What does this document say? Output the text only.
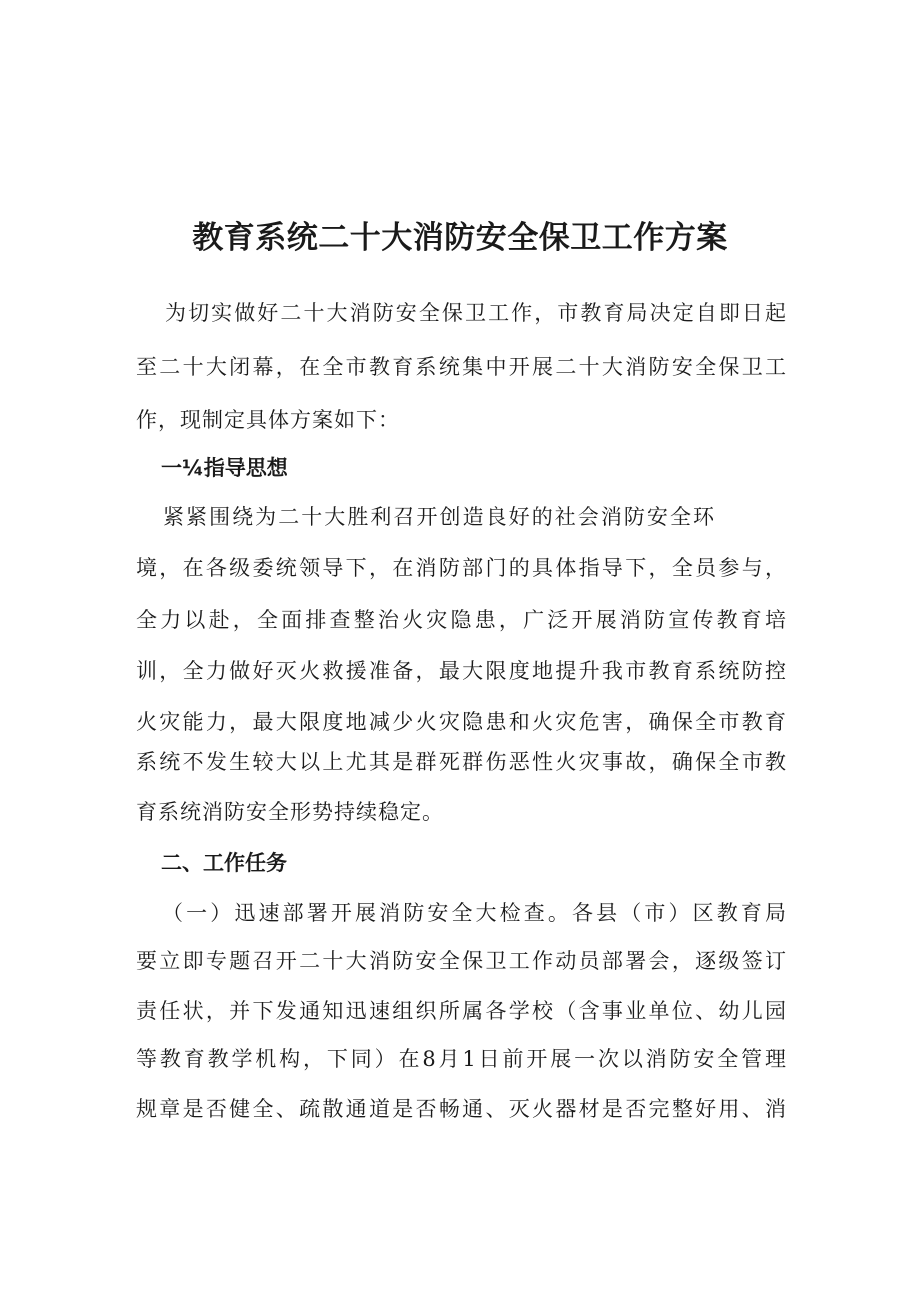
教育系统二十大消防安全保卫工作方案
为切实做好二十大消防安全保卫工作，市教育局决定自即日起
至二十大闭幕，在全市教育系统集中开展二十大消防安全保卫工
作，现制定具体方案如下：
一¼指导思想
紧紧围绕为二十大胜利召开创造良好的社会消防安全环
境，在各级委统领导下，在消防部门的具体指导下，全员参与，
全力以赴，全面排查整治火灾隐患，广泛开展消防宣传教育培
训，全力做好灭火救援准备，最大限度地提升我市教育系统防控
火灾能力，最大限度地减少火灾隐患和火灾危害，确保全市教育
系统不发生较大以上尤其是群死群伤恶性火灾事故，确保全市教
育系统消防安全形势持续稳定。
二、工作任务
（一）迅速部署开展消防安全大检查。各县（市）区教育局
要立即专题召开二十大消防安全保卫工作动员部署会，逐级签订
责任状，并下发通知迅速组织所属各学校（含事业单位、幼儿园
等教育教学机构，下同）在8月1日前开展一次以消防安全管理
规章是否健全、疏散通道是否畅通、灭火器材是否完整好用、消
